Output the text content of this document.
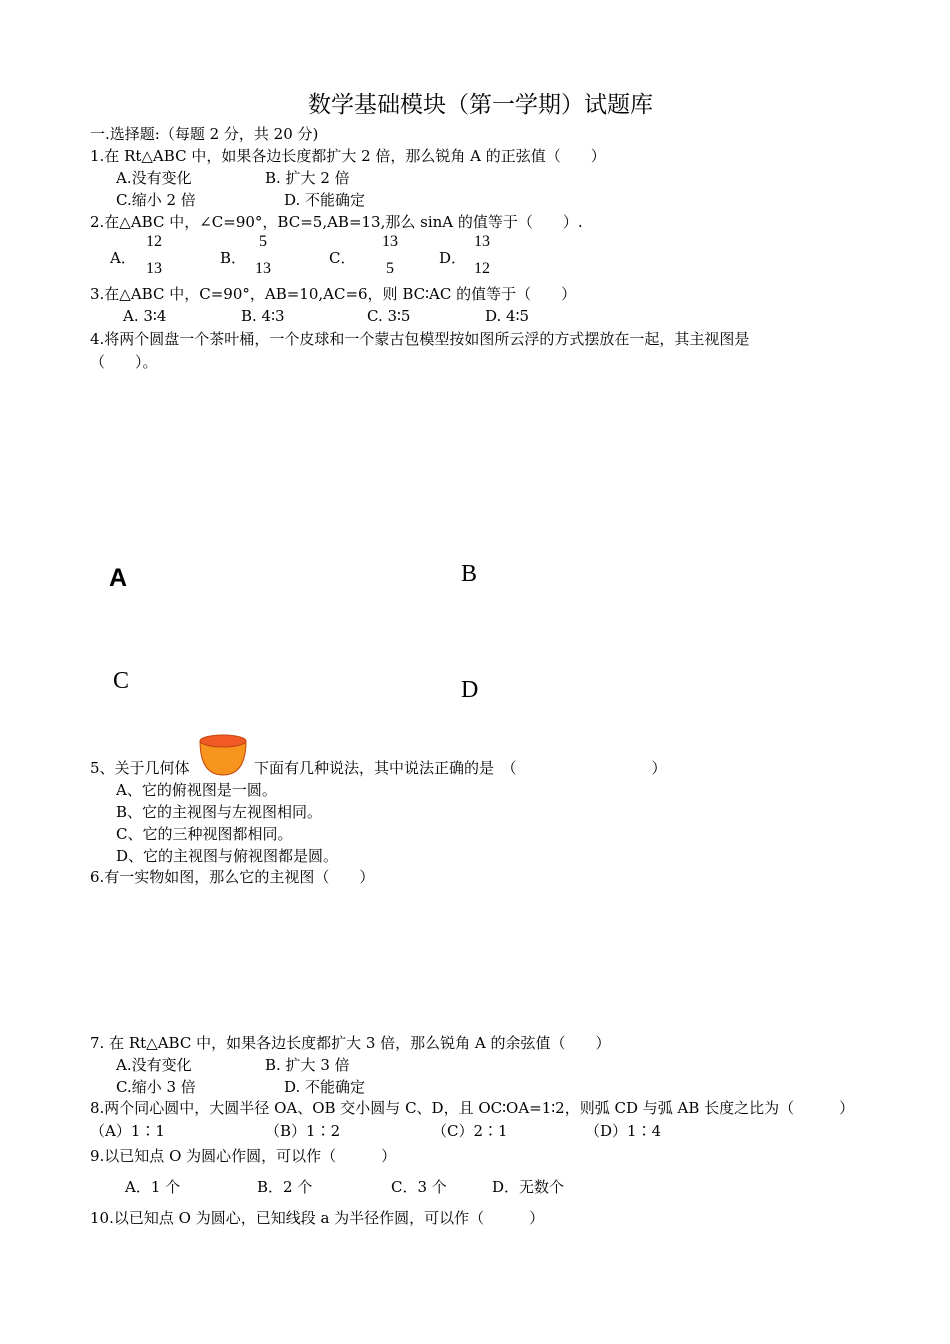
数学基础模块（第一学期）试题库
一.选择题:（每题 2 分，共 20 分)
1.在 Rt△ABC 中，如果各边长度都扩大 2 倍，那么锐角 A 的正弦值（　　）
A.没有变化	B. 扩大 2 倍
C.缩小 2 倍	D. 不能确定
2.在△ABC 中，∠C=90°，BC=5,AB=13,那么 sinA 的值等于（　　）.
A．
12
13
B．
5
13
C．
13
5
D．
13
12
3.在△ABC 中，C=90°，AB=10,AC=6，则 BC∶AC 的值等于（　　）
A. 3∶4	B. 4∶3	C. 3∶5	D. 4∶5
4.将两个圆盘一个茶叶桶，一个皮球和一个蒙古包模型按如图所云浮的方式摆放在一起，其主视图是
（　　）。
A	B
C	D
5、关于几何体	下面有几种说法，其中说法正确的是　（　　　　　　　　　）
A、它的俯视图是一圆。
B、它的主视图与左视图相同。
C、它的三种视图都相同。
D、它的主视图与俯视图都是圆。
6.有一实物如图，那么它的主视图（　　）
7. 在 Rt△ABC 中，如果各边长度都扩大 3 倍，那么锐角 A 的余弦值（　　）
A.没有变化	B. 扩大 3 倍
C.缩小 3 倍	D. 不能确定
8.两个同心圆中，大圆半径 OA、OB 交小圆与 C、D，且 OC∶OA=1∶2，则弧 CD 与弧 AB 长度之比为（　　　）
（A）1∶1	（B）1∶2	（C）2∶1	（D）1∶4
9.以已知点 O 为圆心作圆，可以作（　　　）
A．1 个	B．2 个	C．3 个	D．无数个
10.以已知点 O 为圆心，已知线段 a 为半径作圆，可以作（　　　）
